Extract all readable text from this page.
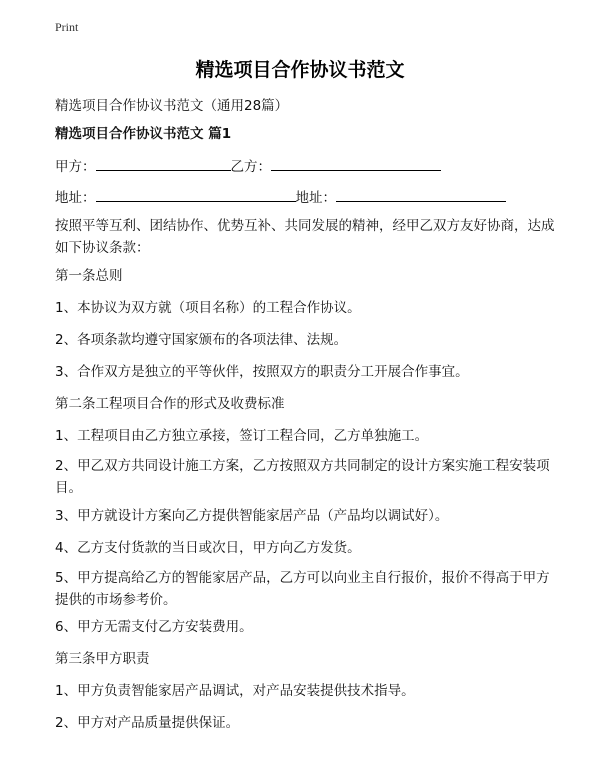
Print
精选项目合作协议书范文
精选项目合作协议书范文（通用28篇）
精选项目合作协议书范文 篇1
甲方：	乙方：
地址：	地址：
按照平等互利、团结协作、优势互补、共同发展的精神，经甲乙双方友好协商，达成如下协议条款：
第一条总则
1、本协议为双方就（项目名称）的工程合作协议。
2、各项条款均遵守国家颁布的各项法律、法规。
3、合作双方是独立的平等伙伴，按照双方的职责分工开展合作事宜。
第二条工程项目合作的形式及收费标准
1、工程项目由乙方独立承接，签订工程合同，乙方单独施工。
2、甲乙双方共同设计施工方案，乙方按照双方共同制定的设计方案实施工程安装项目。
3、甲方就设计方案向乙方提供智能家居产品（产品均以调试好）。
4、乙方支付货款的当日或次日，甲方向乙方发货。
5、甲方提高给乙方的智能家居产品，乙方可以向业主自行报价，报价不得高于甲方提供的市场参考价。
6、甲方无需支付乙方安装费用。
第三条甲方职责
1、甲方负责智能家居产品调试，对产品安装提供技术指导。
2、甲方对产品质量提供保证。
